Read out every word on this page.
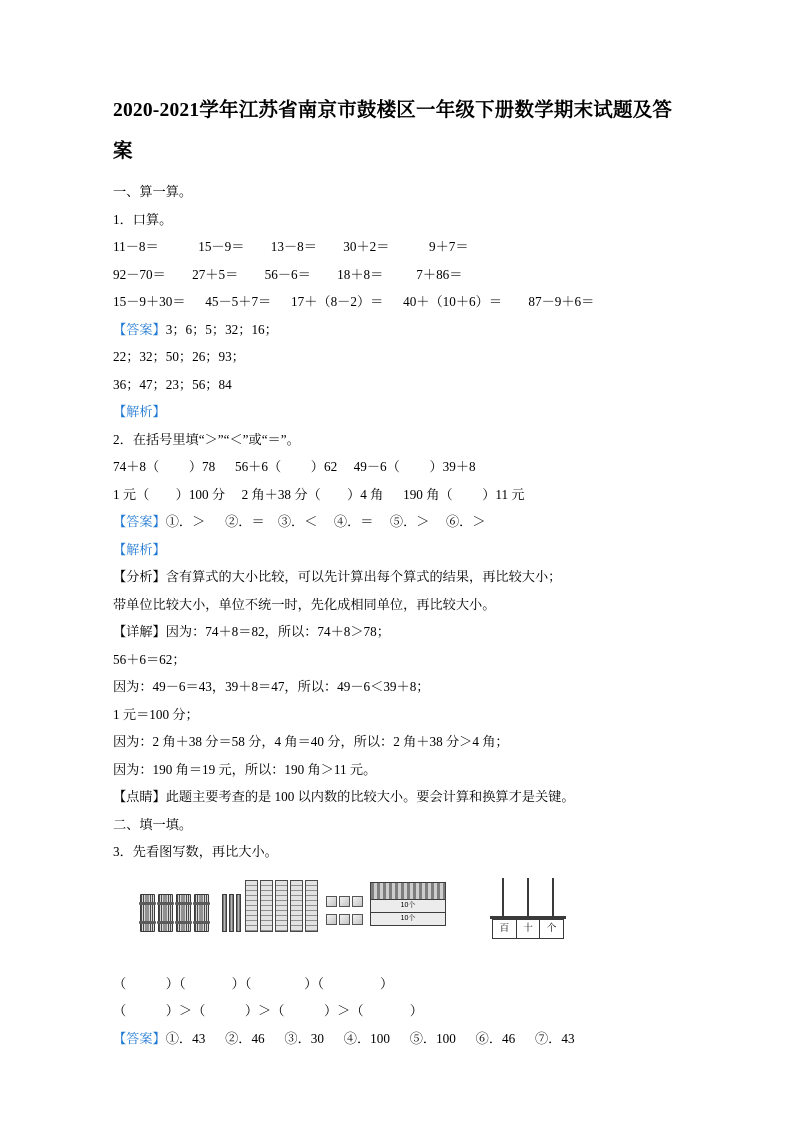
2020-2021学年江苏省南京市鼓楼区一年级下册数学期末试题及答案

一、算一算。

1．口算。

11－8＝            15－9＝        13－8＝        30＋2＝            9＋7＝

92－70＝        27＋5＝        56－6＝        18＋8＝          7＋86＝

15－9＋30＝      45－5＋7＝      17＋（8－2）＝      40＋（10＋6）＝        87－9＋6＝

【答案】3；6；5；32；16；

22；32；50；26；93；

36；47；23；56；84

【解析】

2．在括号里填“＞”“＜”或“＝”。

74＋8（         ）78      56＋6（         ）62     49－6（         ）39＋8

1 元（        ）100 分     2 角＋38 分（        ）4 角      190 角（         ）11 元

【答案】①．＞      ②．＝    ③．＜     ④．＝     ⑤．＞     ⑥．＞

【解析】

【分析】含有算式的大小比较，可以先计算出每个算式的结果，再比较大小；

带单位比较大小，单位不统一时，先化成相同单位，再比较大小。

【详解】因为：74＋8＝82，所以：74＋8＞78；

56＋6＝62；

因为：49－6＝43，39＋8＝47，所以：49－6＜39＋8；

1 元＝100 分；

因为：2 角＋38 分＝58 分，4 角＝40 分，所以：2 角＋38 分＞4 角；

因为：190 角＝19 元，所以：190 角＞11 元。

【点睛】此题主要考查的是 100 以内数的比较大小。要会计算和换算才是关键。

二、填一填。

3．先看图写数，再比大小。

10个
10个
百	十	个

（            ）（              ）（                ）（                 ）

（            ）＞（            ）＞（            ）＞（              ）

【答案】①．43      ②．46      ③．30      ④．100      ⑤．100      ⑥．46      ⑦．43
